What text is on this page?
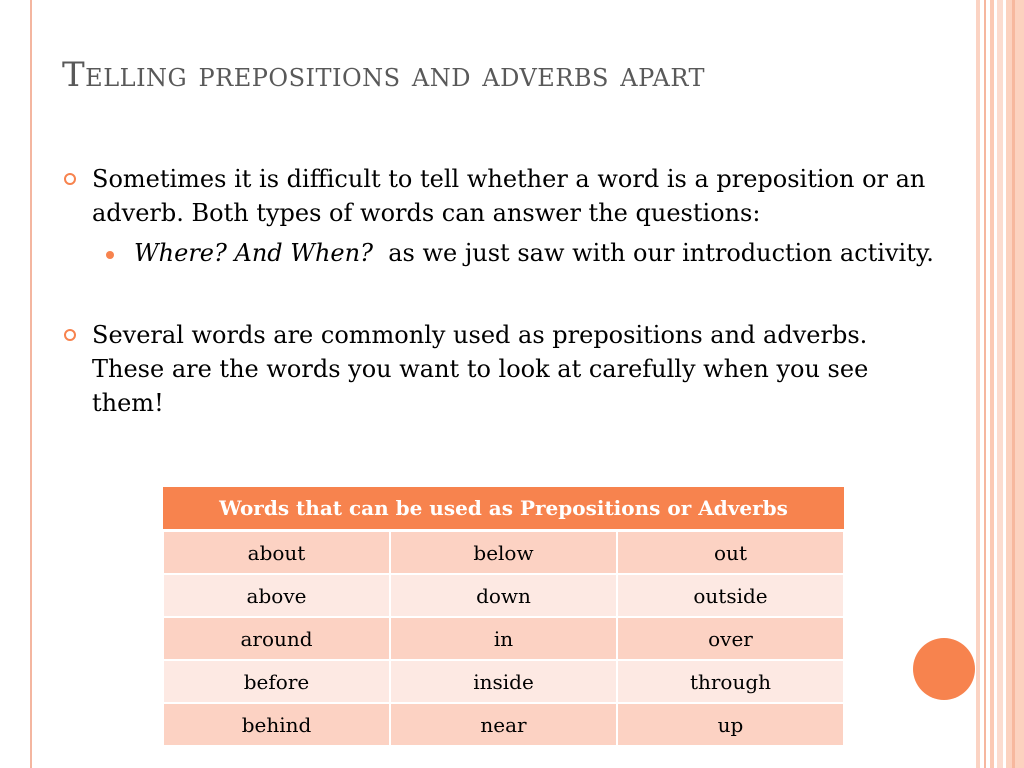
Telling prepositions and adverbs apart
Sometimes it is difficult to tell whether a word is a preposition or an adverb. Both types of words can answer the questions:
Where? And When?  as we just saw with our introduction activity.
Several words are commonly used as prepositions and adverbs. These are the words you want to look at carefully when you see them!
Words that can be used as Prepositions or Adverbs		
about	below	out
above	down	outside
around	in	over
before	inside	through
behind	near	up
